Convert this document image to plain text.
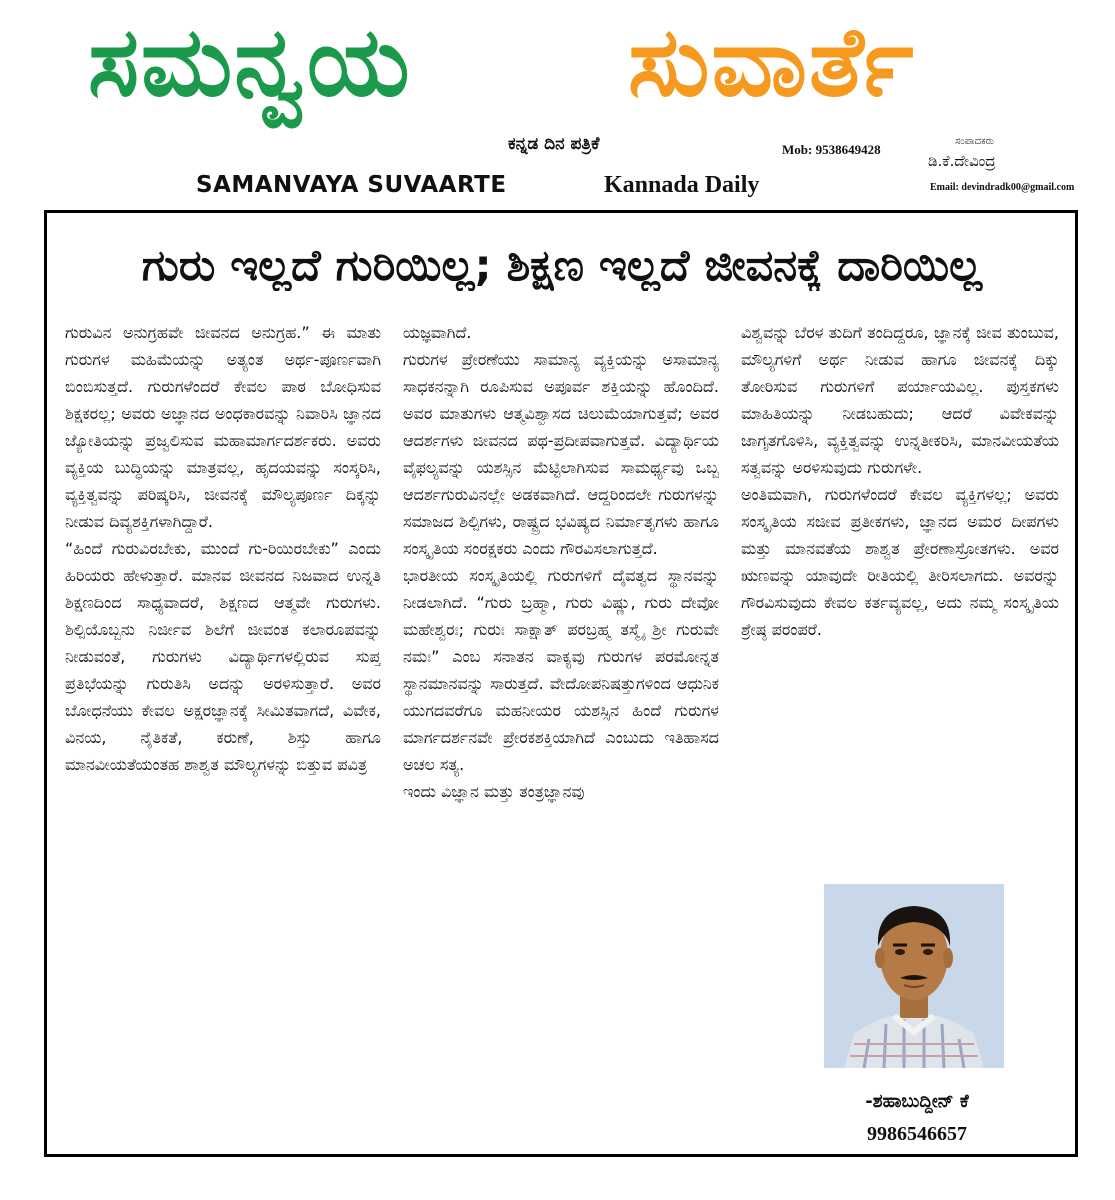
ಸಮನ್ವಯ ಸುವಾರ್ತೆ
ಕನ್ನಡ ದಿನ ಪತ್ರಿಕೆ	Mob: 9538649428
ಸಂಪಾದಕರು
ಡಿ.ಕೆ.ದೇವಿಂದ್ರ
Email: devindradk00@gmail.com
SAMANVAYA SUVAARTE	Kannada Daily
ಗುರು ಇಲ್ಲದೆ ಗುರಿಯಿಲ್ಲ; ಶಿಕ್ಷಣ ಇಲ್ಲದೆ ಜೀವನಕ್ಕೆ ದಾರಿಯಿಲ್ಲ

ಗುರುವಿನ ಅನುಗ್ರಹವೇ ಜೀವನದ ಅನುಗ್ರಹ.” ಈ ಮಾತು ಗುರುಗಳ ಮಹಿಮೆಯನ್ನು ಅತ್ಯಂತ ಅರ್ಥ-ಪೂರ್ಣವಾಗಿ ಬಿಂಬಿಸುತ್ತದೆ. ಗುರುಗಳೆಂದರೆ ಕೇವಲ ಪಾಠ ಬೋಧಿಸುವ ಶಿಕ್ಷಕರಲ್ಲ; ಅವರು ಅಜ್ಞಾನದ ಅಂಧಕಾರವನ್ನು ನಿವಾರಿಸಿ ಜ್ಞಾನದ ಜ್ಯೋತಿಯನ್ನು ಪ್ರಜ್ವಲಿಸುವ ಮಹಾಮಾರ್ಗದರ್ಶಕರು. ಅವರು ವ್ಯಕ್ತಿಯ ಬುದ್ಧಿಯನ್ನು ಮಾತ್ರವಲ್ಲ, ಹೃದಯವನ್ನು ಸಂಸ್ಕರಿಸಿ, ವ್ಯಕ್ತಿತ್ವವನ್ನು ಪರಿಷ್ಕರಿಸಿ, ಜೀವನಕ್ಕೆ ಮೌಲ್ಯಪೂರ್ಣ ದಿಕ್ಕನ್ನು ನೀಡುವ ದಿವ್ಯಶಕ್ತಿಗಳಾಗಿದ್ದಾರೆ.

“ಹಿಂದೆ ಗುರುವಿರಬೇಕು, ಮುಂದೆ ಗು-ರಿಯಿರಬೇಕು” ಎಂದು ಹಿರಿಯರು ಹೇಳುತ್ತಾರೆ. ಮಾನವ ಜೀವನದ ನಿಜವಾದ ಉನ್ನತಿ ಶಿಕ್ಷಣದಿಂದ ಸಾಧ್ಯವಾದರೆ, ಶಿಕ್ಷಣದ ಆತ್ಮವೇ ಗುರುಗಳು. ಶಿಲ್ಪಿಯೊಬ್ಬನು ನಿರ್ಜೀವ ಶಿಲೆಗೆ ಜೀವಂತ ಕಲಾರೂಪವನ್ನು ನೀಡುವಂತೆ, ಗುರುಗಳು ವಿದ್ಯಾರ್ಥಿಗಳಲ್ಲಿರುವ ಸುಪ್ತ ಪ್ರತಿಭೆಯನ್ನು ಗುರುತಿಸಿ ಅದನ್ನು ಅರಳಿಸುತ್ತಾರೆ. ಅವರ ಬೋಧನೆಯು ಕೇವಲ ಅಕ್ಷರಜ್ಞಾನಕ್ಕೆ ಸೀಮಿತವಾಗದೆ, ವಿವೇಕ, ವಿನಯ, ನೈತಿಕತೆ, ಕರುಣೆ, ಶಿಸ್ತು ಹಾಗೂ ಮಾನವೀಯತೆಯಂತಹ ಶಾಶ್ವತ ಮೌಲ್ಯಗಳನ್ನು ಬಿತ್ತುವ ಪವಿತ್ರ

ಯಜ್ಞವಾಗಿದೆ.

ಗುರುಗಳ ಪ್ರೇರಣೆಯು ಸಾಮಾನ್ಯ ವ್ಯಕ್ತಿಯನ್ನು ಅಸಾಮಾನ್ಯ ಸಾಧಕನನ್ನಾಗಿ ರೂಪಿಸುವ ಅಪೂರ್ವ ಶಕ್ತಿಯನ್ನು ಹೊಂದಿದೆ. ಅವರ ಮಾತುಗಳು ಆತ್ಮವಿಶ್ವಾಸದ ಚಿಲುಮೆಯಾಗುತ್ತವೆ; ಅವರ ಆದರ್ಶಗಳು ಜೀವನದ ಪಥ-ಪ್ರದೀಪವಾಗುತ್ತವೆ. ವಿದ್ಯಾರ್ಥಿಯ ವೈಫಲ್ಯವನ್ನು ಯಶಸ್ಸಿನ ಮೆಟ್ಟಿಲಾಗಿಸುವ ಸಾಮರ್ಥ್ಯವು ಒಬ್ಬ ಆದರ್ಶಗುರುವಿನಲ್ಲೇ ಅಡಕವಾಗಿದೆ. ಆದ್ದರಿಂದಲೇ ಗುರುಗಳನ್ನು ಸಮಾಜದ ಶಿಲ್ಪಿಗಳು, ರಾಷ್ಟ್ರದ ಭವಿಷ್ಯದ ನಿರ್ಮಾತೃಗಳು ಹಾಗೂ ಸಂಸ್ಕೃತಿಯ ಸಂರಕ್ಷಕರು ಎಂದು ಗೌರವಿಸಲಾಗುತ್ತದೆ.

ಭಾರತೀಯ ಸಂಸ್ಕೃತಿಯಲ್ಲಿ ಗುರುಗಳಿಗೆ ದೈವತ್ವದ ಸ್ಥಾನವನ್ನು ನೀಡಲಾಗಿದೆ. “ಗುರು ಬ್ರಹ್ಮಾ, ಗುರು ವಿಷ್ಣು, ಗುರು ದೇವೋ ಮಹೇಶ್ವರಃ; ಗುರುಃ ಸಾಕ್ಷಾತ್ ಪರಬ್ರಹ್ಮ ತಸ್ಮೈ ಶ್ರೀ ಗುರುವೇ ನಮಃ” ಎಂಬ ಸನಾತನ ವಾಕ್ಯವು ಗುರುಗಳ ಪರಮೋನ್ನತ ಸ್ಥಾನಮಾನವನ್ನು ಸಾರುತ್ತದೆ. ವೇದೋಪನಿಷತ್ತುಗಳಿಂದ ಆಧುನಿಕ ಯುಗದವರೆಗೂ ಮಹನೀಯರ ಯಶಸ್ಸಿನ ಹಿಂದೆ ಗುರುಗಳ ಮಾರ್ಗದರ್ಶನವೇ ಪ್ರೇರಕಶಕ್ತಿಯಾಗಿದೆ ಎಂಬುದು ಇತಿಹಾಸದ ಅಚಲ ಸತ್ಯ.

ಇಂದು ವಿಜ್ಞಾನ ಮತ್ತು ತಂತ್ರಜ್ಞಾನವು

ವಿಶ್ವವನ್ನು ಬೆರಳ ತುದಿಗೆ ತಂದಿದ್ದರೂ, ಜ್ಞಾನಕ್ಕೆ ಜೀವ ತುಂಬುವ, ಮೌಲ್ಯಗಳಿಗೆ ಅರ್ಥ ನೀಡುವ ಹಾಗೂ ಜೀವನಕ್ಕೆ ದಿಕ್ಕು ತೋರಿಸುವ ಗುರುಗಳಿಗೆ ಪರ್ಯಾಯವಿಲ್ಲ. ಪುಸ್ತಕಗಳು ಮಾಹಿತಿಯನ್ನು ನೀಡಬಹುದು; ಆದರೆ ವಿವೇಕವನ್ನು ಜಾಗೃತಗೊಳಿಸಿ, ವ್ಯಕ್ತಿತ್ವವನ್ನು ಉನ್ನತೀಕರಿಸಿ, ಮಾನವೀಯತೆಯ ಸತ್ವವನ್ನು ಅರಳಿಸುವುದು ಗುರುಗಳೇ.

ಅಂತಿಮವಾಗಿ, ಗುರುಗಳೆಂದರೆ ಕೇವಲ ವ್ಯಕ್ತಿಗಳಲ್ಲ; ಅವರು ಸಂಸ್ಕೃತಿಯ ಸಜೀವ ಪ್ರತೀಕಗಳು, ಜ್ಞಾನದ ಅಮರ ದೀಪಗಳು ಮತ್ತು ಮಾನವತೆಯ ಶಾಶ್ವತ ಪ್ರೇರಣಾಸ್ರೋತಗಳು. ಅವರ ಋಣವನ್ನು ಯಾವುದೇ ರೀತಿಯಲ್ಲಿ ತೀರಿಸಲಾಗದು. ಅವರನ್ನು ಗೌರವಿಸುವುದು ಕೇವಲ ಕರ್ತವ್ಯವಲ್ಲ, ಅದು ನಮ್ಮ ಸಂಸ್ಕೃತಿಯ ಶ್ರೇಷ್ಠ ಪರಂಪರೆ.

-ಶಹಾಬುದ್ದೀನ್ ಕೆ
9986546657
